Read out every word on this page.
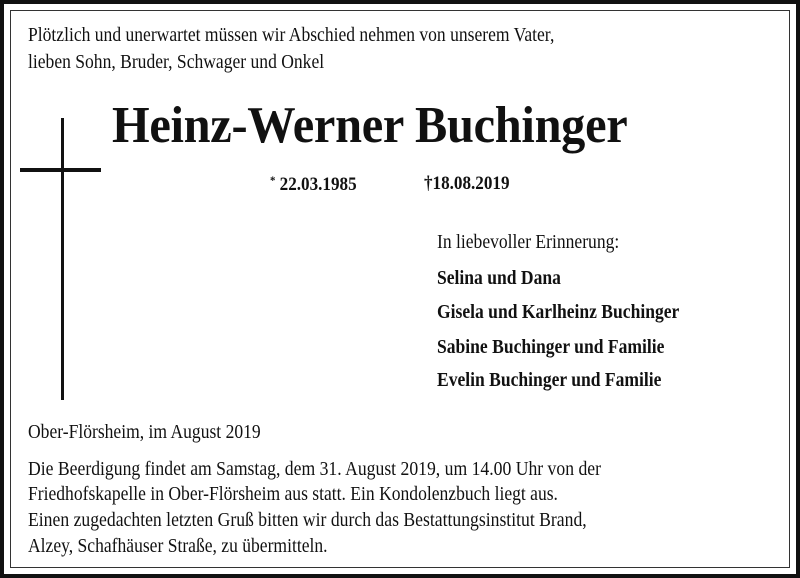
Plötzlich und unerwartet müssen wir Abschied nehmen von unserem Vater,
lieben Sohn, Bruder, Schwager und Onkel
Heinz-Werner Buchinger
* 22.03.1985	†18.08.2019
In liebevoller Erinnerung:
Selina und Dana
Gisela und Karlheinz Buchinger
Sabine Buchinger und Familie
Evelin Buchinger und Familie
Ober-Flörsheim, im August 2019
Die Beerdigung findet am Samstag, dem 31. August 2019, um 14.00 Uhr von der
Friedhofskapelle in Ober-Flörsheim aus statt. Ein Kondolenzbuch liegt aus.
Einen zugedachten letzten Gruß bitten wir durch das Bestattungsinstitut Brand,
Alzey, Schafhäuser Straße, zu übermitteln.
